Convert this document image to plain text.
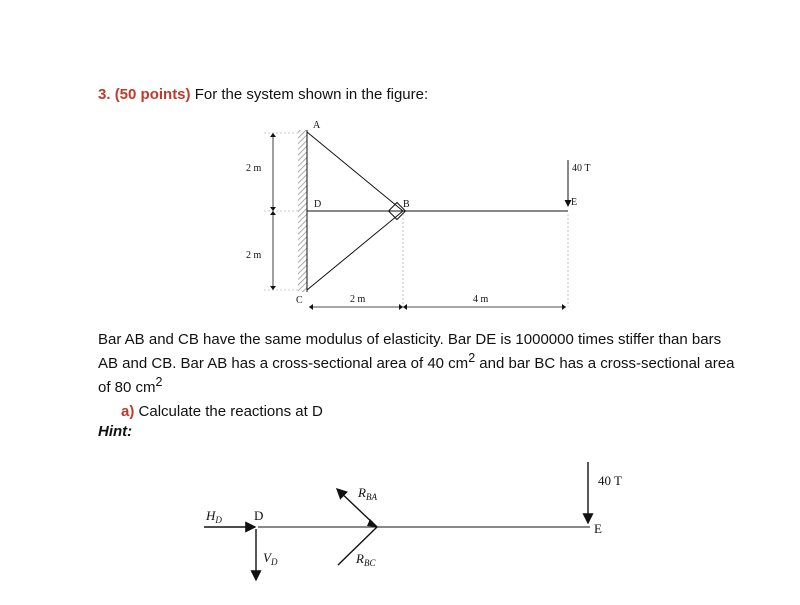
3. (50 points) For the system shown in the figure:
A
B
C
D	E
2 m
2 m
2 m	4 m
40 T

Bar AB and CB have the same modulus of elasticity. Bar DE is 1000000 times stiffer than bars AB and CB. Bar AB has a cross-sectional area of 40 $cm^2$ and bar BC has a cross-sectional area of 80 $cm^2$

a) Calculate the reactions at D
Hint:
$H_D$ D
$V_D$
$R_{BA}$
$R_{BC}$
40 T
E
